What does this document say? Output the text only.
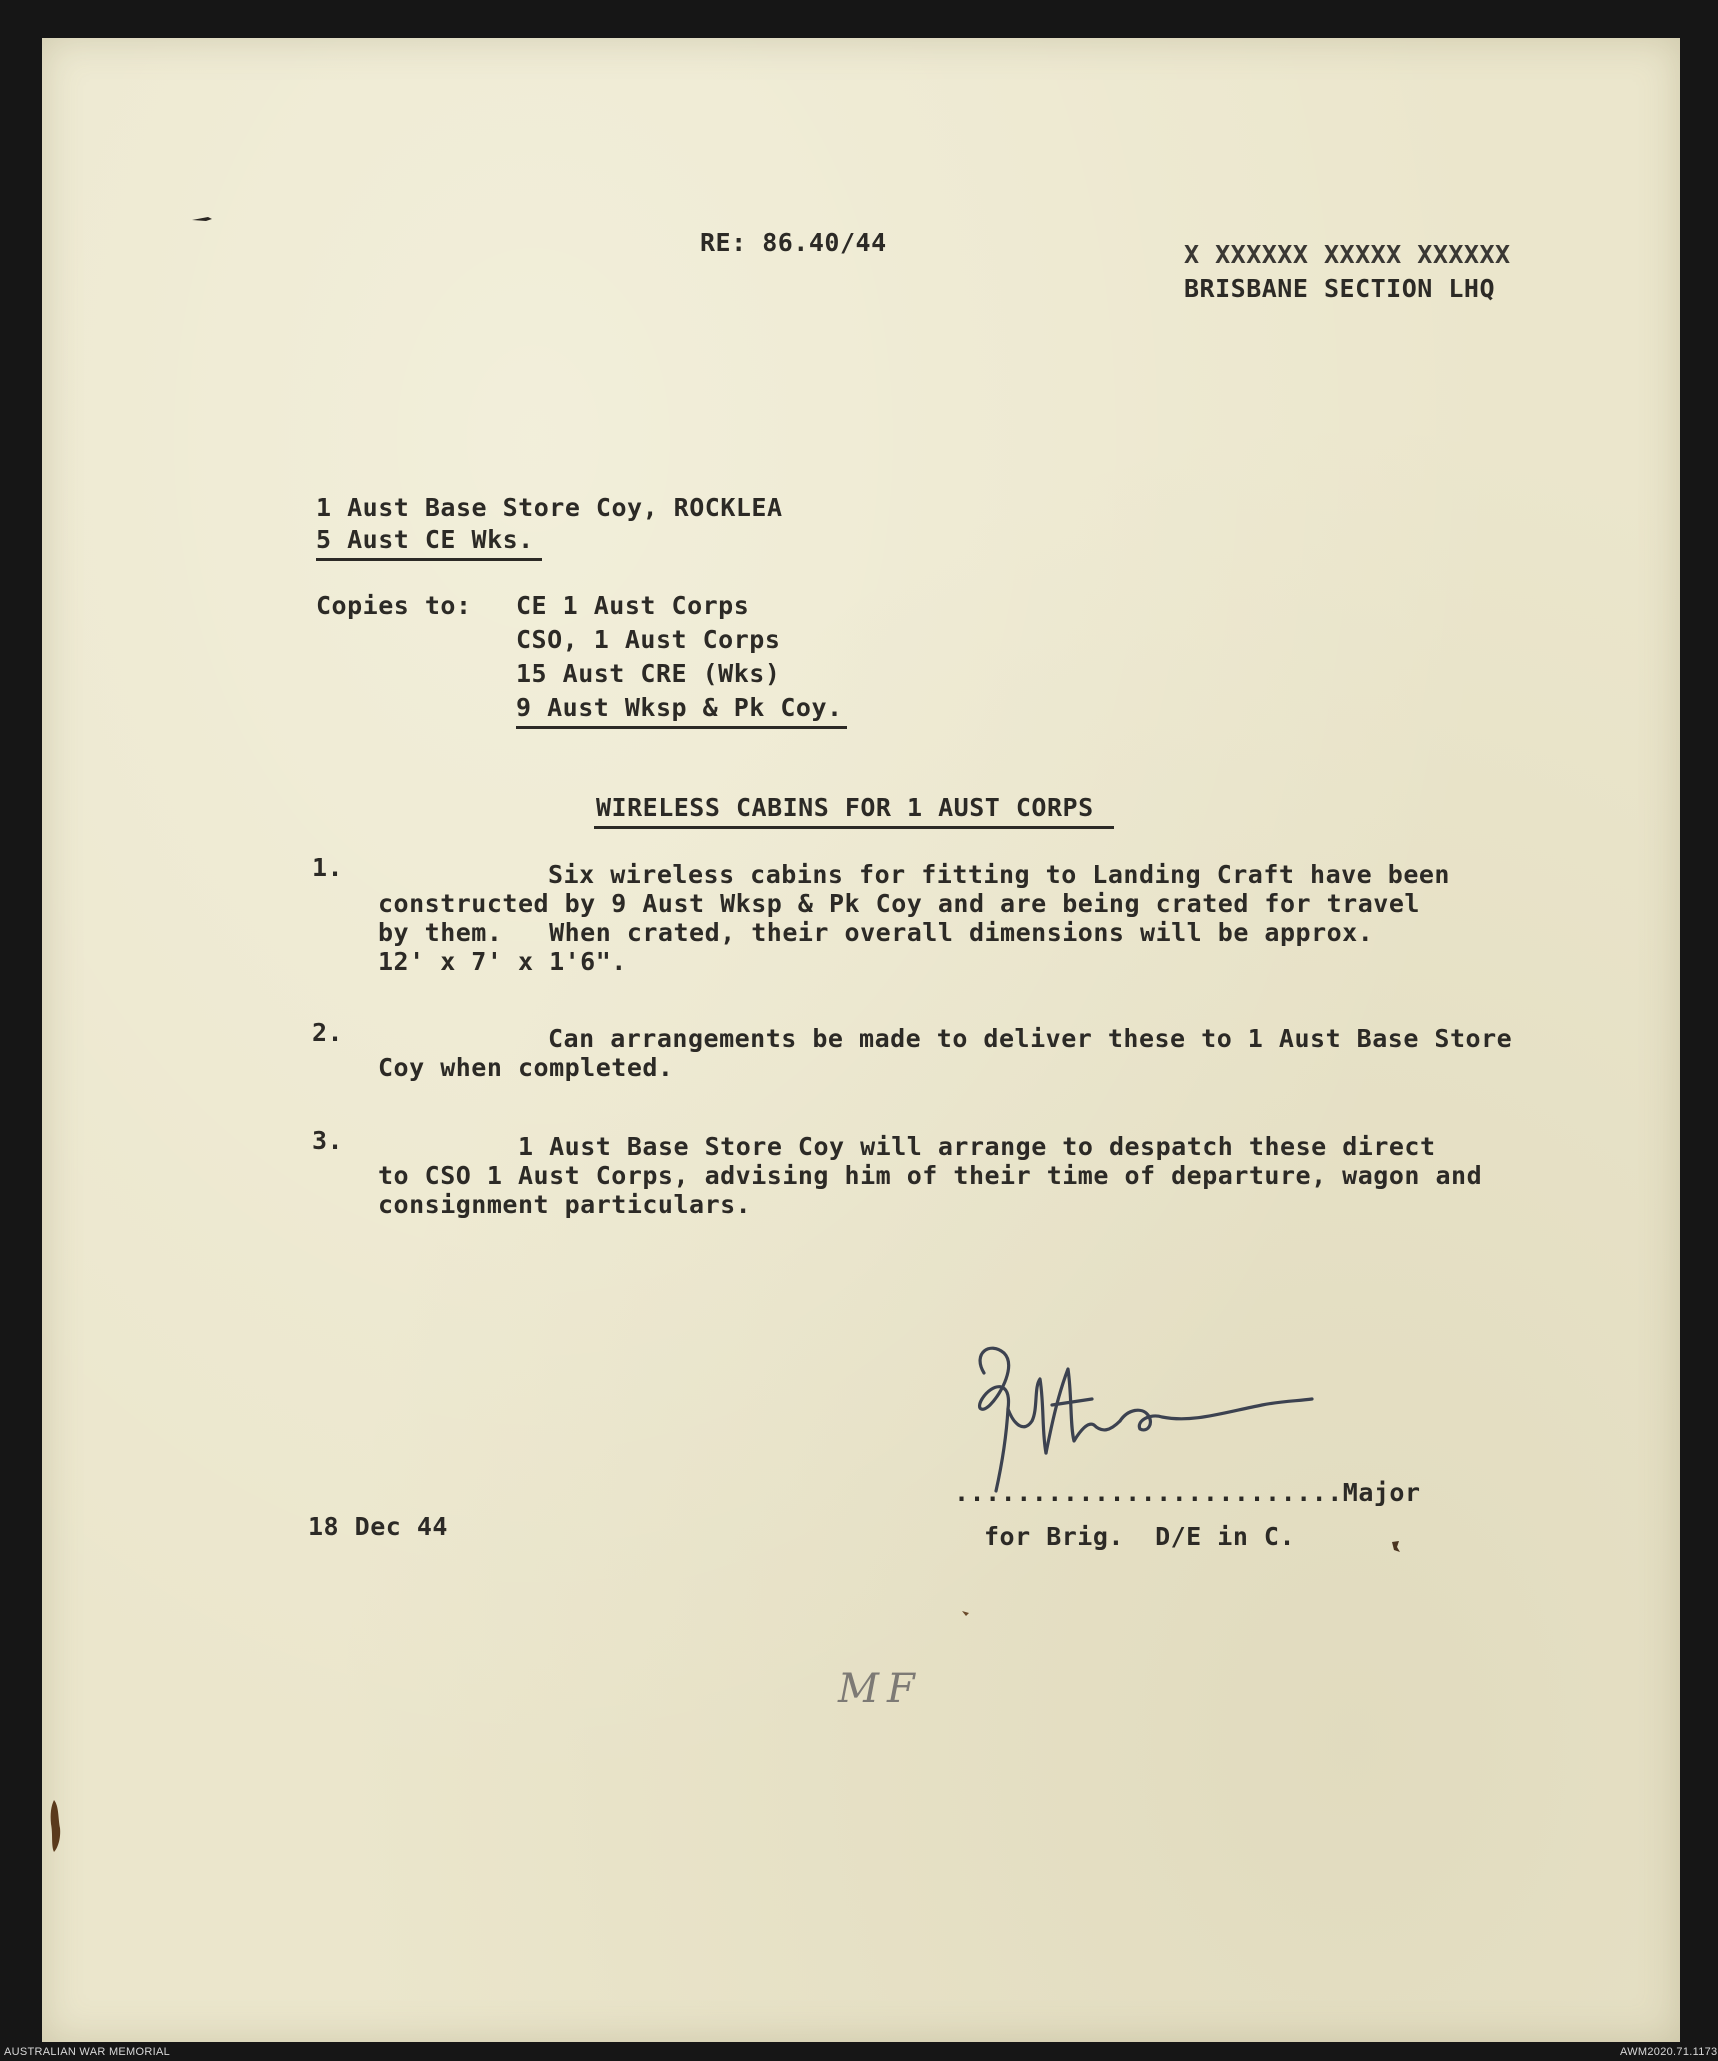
RE: 86.40/44	X XXXXXX XXXXX XXXXXX
BRISBANE SECTION LHQ
1 Aust Base Store Coy, ROCKLEA
5 Aust CE Wks.
Copies to: CE 1 Aust Corps
CSO, 1 Aust Corps
15 Aust CRE (Wks)
9 Aust Wksp & Pk Coy.
WIRELESS CABINS FOR 1 AUST CORPS
1.	Six wireless cabins for fitting to Landing Craft have been
constructed by 9 Aust Wksp & Pk Coy and are being crated for travel
by them.   When crated, their overall dimensions will be approx.
12' x 7' x 1'6".
2.	Can arrangements be made to deliver these to 1 Aust Base Store
Coy when completed.
3.	1 Aust Base Store Coy will arrange to despatch these direct
to CSO 1 Aust Corps, advising him of their time of departure, wagon and
consignment particulars.
18 Dec 44
.........................Major
for Brig.  D/E in C.
MF
AUSTRALIAN WAR MEMORIAL	AWM2020.71.1173
